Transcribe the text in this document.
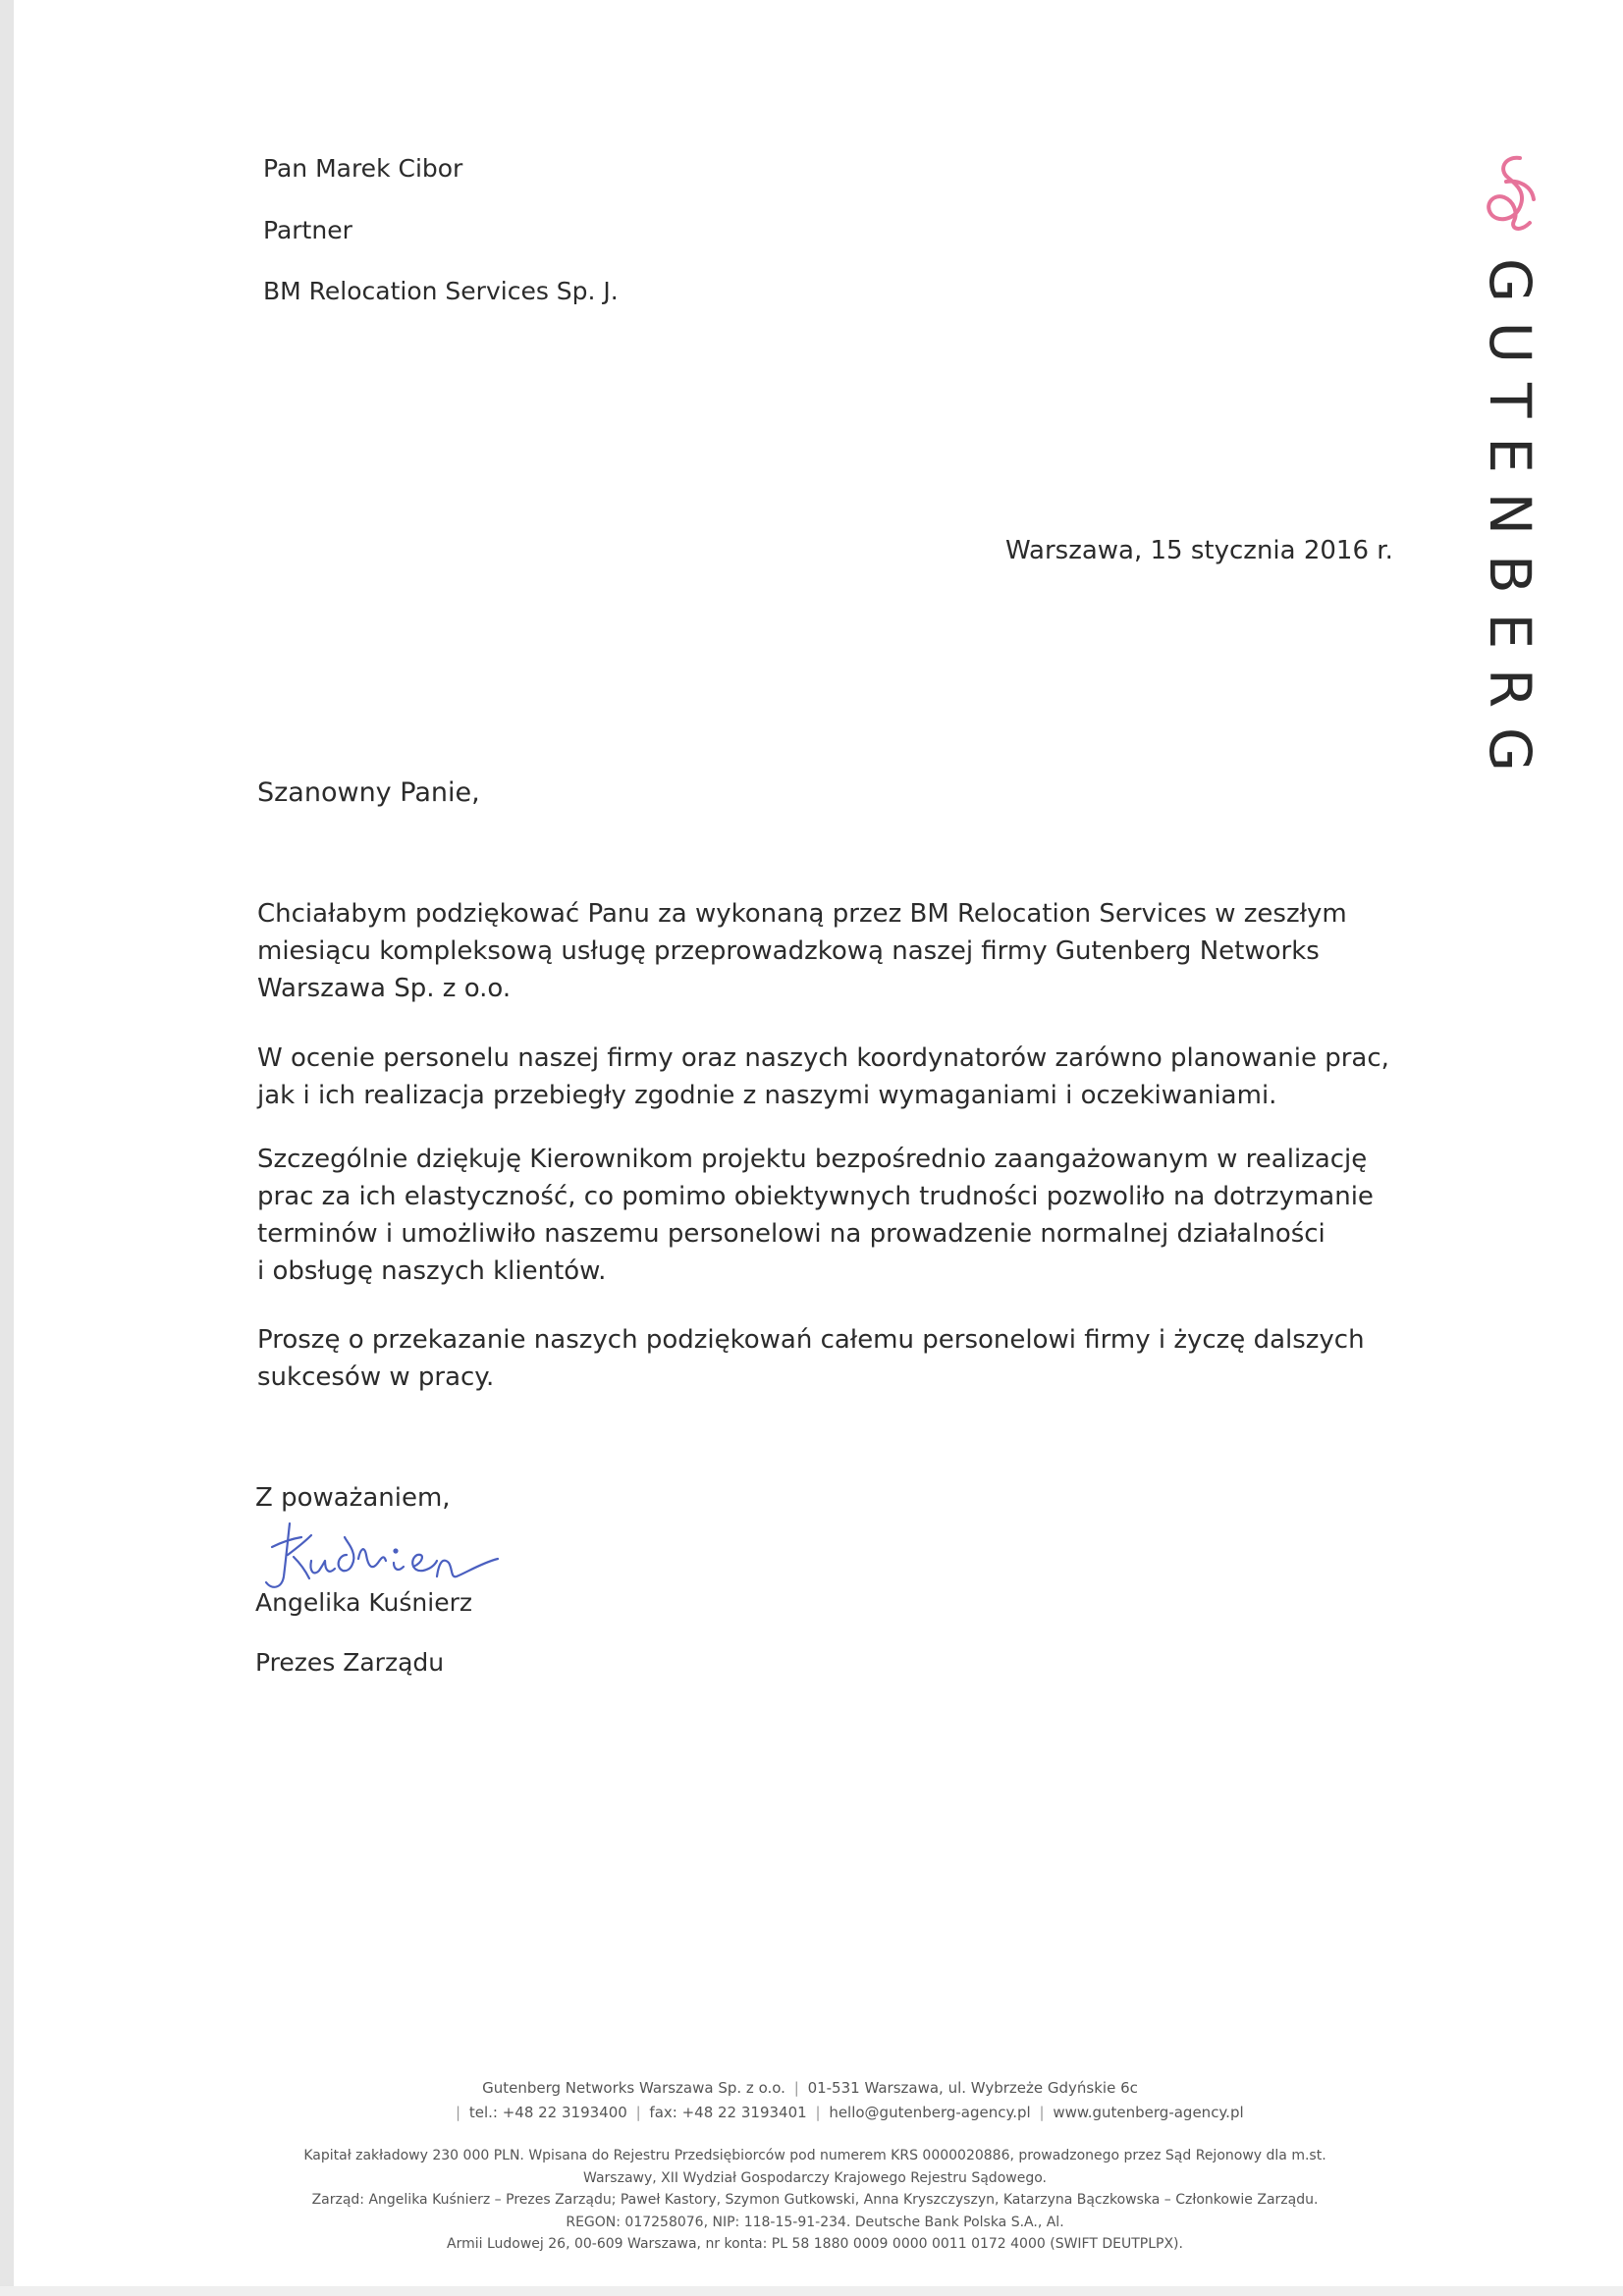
Pan Marek Cibor
Partner
BM Relocation Services Sp. J.
Warszawa, 15 stycznia 2016 r. GUTENBERG
Szanowny Panie,
Chciałabym podziękować Panu za wykonaną przez BM Relocation Services w zeszłym
miesiącu kompleksową usługę przeprowadzkową naszej firmy Gutenberg Networks
Warszawa Sp. z o.o.
W ocenie personelu naszej firmy oraz naszych koordynatorów zarówno planowanie prac,
jak i ich realizacja przebiegły zgodnie z naszymi wymaganiami i oczekiwaniami.
Szczególnie dziękuję Kierownikom projektu bezpośrednio zaangażowanym w realizację
prac za ich elastyczność, co pomimo obiektywnych trudności pozwoliło na dotrzymanie
terminów i umożliwiło naszemu personelowi na prowadzenie normalnej działalności
i obsługę naszych klientów.
Proszę o przekazanie naszych podziękowań całemu personelowi firmy i życzę dalszych
sukcesów w pracy.
Z poważaniem,
Angelika Kuśnierz
Prezes Zarządu
Gutenberg Networks Warszawa Sp. z o.o. | 01-531 Warszawa, ul. Wybrzeże Gdyńskie 6c
| tel.: +48 22 3193400 | fax: +48 22 3193401 | hello@gutenberg-agency.pl | www.gutenberg-agency.pl
Kapitał zakładowy 230 000 PLN. Wpisana do Rejestru Przedsiębiorców pod numerem KRS 0000020886, prowadzonego przez Sąd Rejonowy dla m.st.
Warszawy, XII Wydział Gospodarczy Krajowego Rejestru Sądowego.
Zarząd: Angelika Kuśnierz – Prezes Zarządu; Paweł Kastory, Szymon Gutkowski, Anna Kryszczyszyn, Katarzyna Bączkowska – Członkowie Zarządu.
REGON: 017258076, NIP: 118-15-91-234. Deutsche Bank Polska S.A., Al.
Armii Ludowej 26, 00-609 Warszawa, nr konta: PL 58 1880 0009 0000 0011 0172 4000 (SWIFT DEUTPLPX).
